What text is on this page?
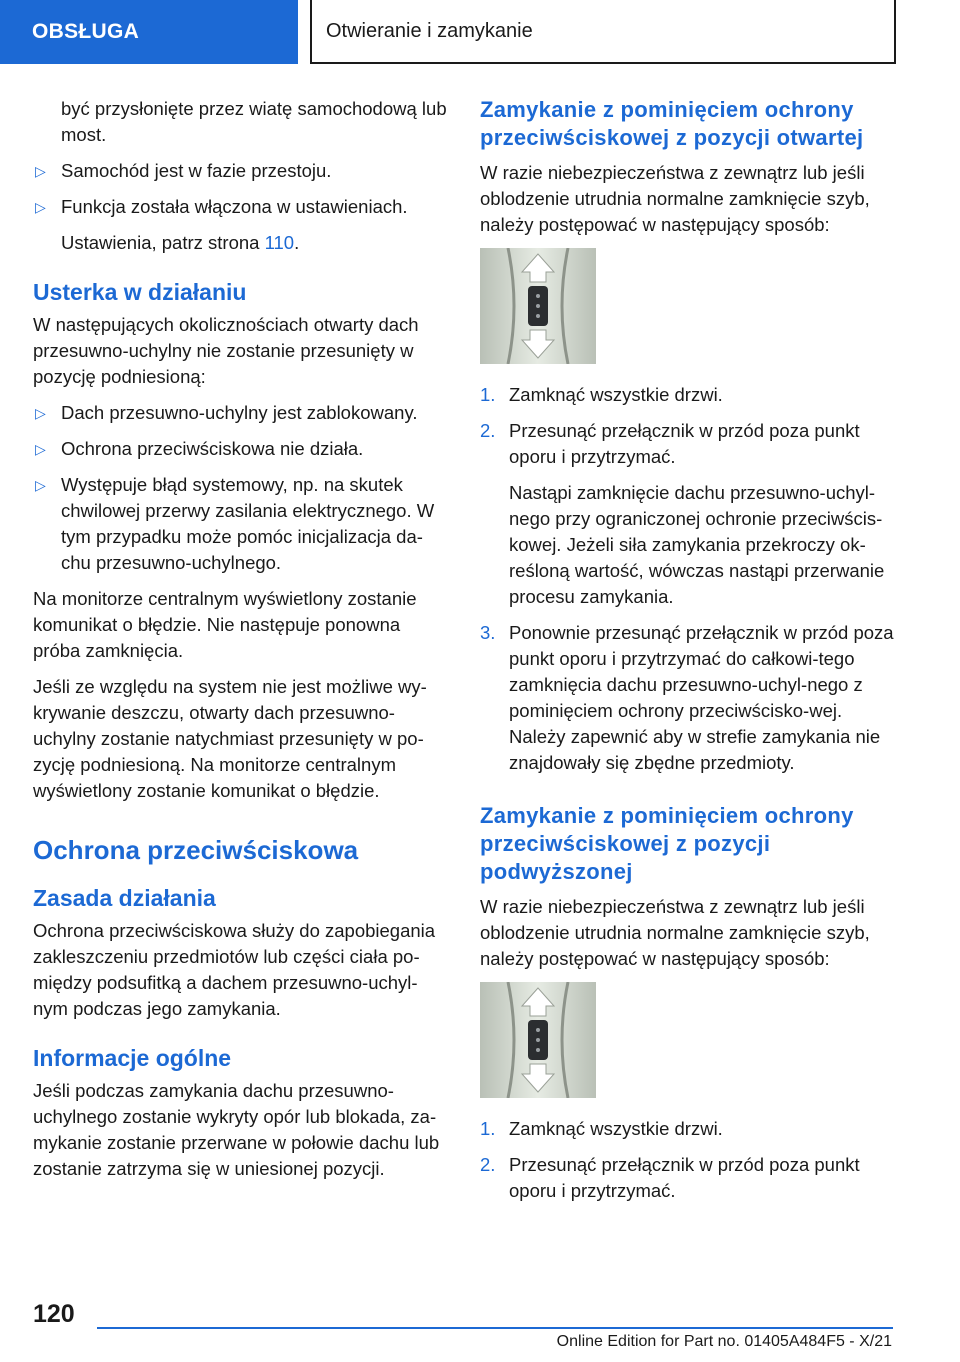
OBSŁUGA	Otwieranie i zamykanie

być przysłonięte przez wiatę samochodową lub most.

▷ Samochód jest w fazie przestoju.
▷ Funkcja została włączona w ustawieniach.

Ustawienia, patrz strona 110.

Usterka w działaniu

W następujących okolicznościach otwarty dach przesuwno-uchylny nie zostanie przesunięty w pozycję podniesioną:

▷ Dach przesuwno-uchylny jest zablokowany.
▷ Ochrona przeciwściskowa nie działa.
▷ Występuje błąd systemowy, np. na skutek chwilowej przerwy zasilania elektrycznego. W tym przypadku może pomóc inicjalizacja da-chu przesuwno-uchylnego.

Na monitorze centralnym wyświetlony zostanie komunikat o błędzie. Nie następuje ponowna próba zamknięcia.

Jeśli ze względu na system nie jest możliwe wy-krywanie deszczu, otwarty dach przesuwno-uchylny zostanie natychmiast przesunięty w po-zycję podniesioną. Na monitorze centralnym wyświetlony zostanie komunikat o błędzie.

Ochrona przeciwściskowa
Zasada działania

Ochrona przeciwściskowa służy do zapobiegania zakleszczeniu przedmiotów lub części ciała po-między podsufitką a dachem przesuwno-uchyl-nym podczas jego zamykania.

Informacje ogólne

Jeśli podczas zamykania dachu przesuwno-uchylnego zostanie wykryty opór lub blokada, za-mykanie zostanie przerwane w połowie dachu lub zostanie zatrzyma się w uniesionej pozycji.

Zamykanie z pominięciem ochrony przeciwściskowej z pozycji otwartej

W razie niebezpieczeństwa z zewnątrz lub jeśli oblodzenie utrudnia normalne zamknięcie szyb, należy postępować w następujący sposób:

1. Zamknąć wszystkie drzwi.
2. Przesunąć przełącznik w przód poza punkt oporu i przytrzymać.

Nastąpi zamknięcie dachu przesuwno-uchyl-nego przy ograniczonej ochronie przeciwścis-kowej. Jeżeli siła zamykania przekroczy ok-reśloną wartość, wówczas nastąpi przerwanie procesu zamykania.

3. Ponownie przesunąć przełącznik w przód poza punkt oporu i przytrzymać do całkowi-tego zamknięcia dachu przesuwno-uchyl-nego z pominięciem ochrony przeciwścisko-wej. Należy zapewnić aby w strefie zamykania nie znajdowały się zbędne przedmioty.
Zamykanie z pominięciem ochrony przeciwściskowej z pozycji podwyższonej

W razie niebezpieczeństwa z zewnątrz lub jeśli oblodzenie utrudnia normalne zamknięcie szyb, należy postępować w następujący sposób:

1. Zamknąć wszystkie drzwi.
2. Przesunąć przełącznik w przód poza punkt oporu i przytrzymać.
120
Online Edition for Part no. 01405A484F5 - X/21
